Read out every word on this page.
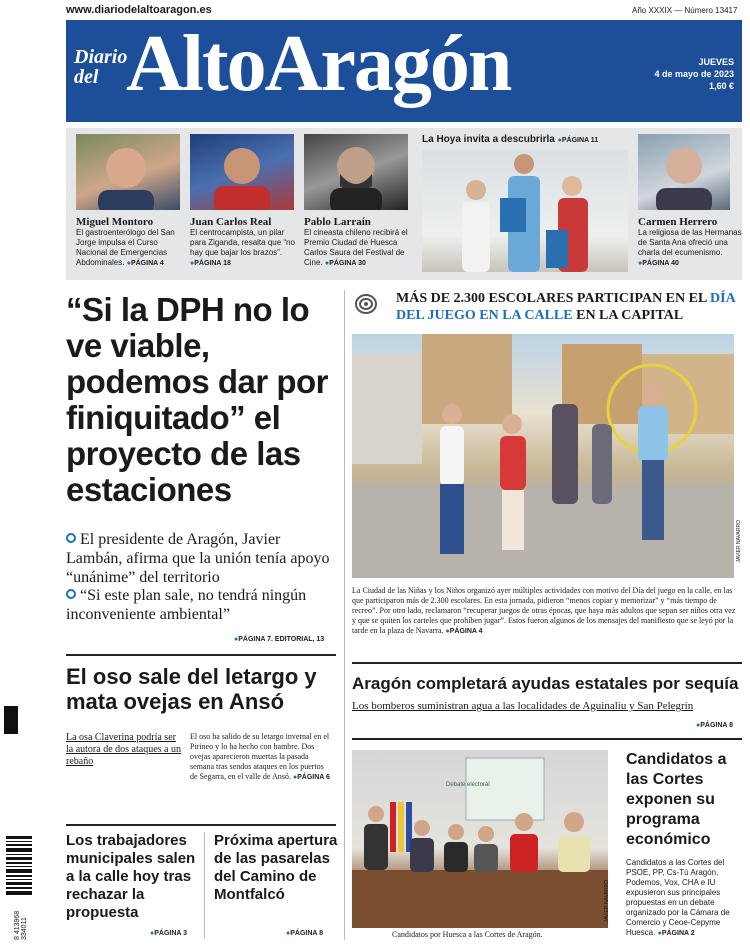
www.diariodelaltoaragon.es	Año XXXIX — Número 13417
Diario
del AltoAragón	JUEVES
4 de mayo de 2023
1,60 €
Miguel Montoro
El gastroenterólogo del San Jorge impulsa el Curso Nacional de Emergencias Abdominales. ● PÁGINA 4
Juan Carlos Real
El centrocampista, un pilar para Ziganda, resalta que “no hay que bajar los brazos”. ● PÁGINA 18
Pablo Larraín
El cineasta chileno recibirá el Premio Ciudad de Huesca Carlos Saura del Festival de Cine. ● PÁGINA 30
La Hoya invita a descubrirla ● PÁGINA 11
Carmen Herrero
La religiosa de las Hermanas de Santa Ana ofreció una charla del ecumenismo. ● PÁGINA 40
“Si la DPH no lo ve viable, podemos dar por finiquitado” el proyecto de las estaciones
El presidente de Aragón, Javier Lambán, afirma que la unión tenía apoyo “unánime” del territorio
“Si este plan sale, no tendrá ningún inconveniente ambiental”
● PÁGINA 7. EDITORIAL, 13
MÁS DE 2.300 ESCOLARES PARTICIPAN EN EL DÍA DEL JUEGO EN LA CALLE EN LA CAPITAL
JAVIER NAVARRO
La Ciudad de las Niñas y los Niños organizó ayer múltiples actividades con motivo del Día del juego en la calle, en las que participaron más de 2.300 escolares. En esta jornada, pidieron “menos copiar y memorizar” y “más tiempo de recreo”. Por otro lado, reclamaron “recuperar juegos de otras épocas, que haya más adultos que sepan ser niños otra vez y que se quiten los carteles que prohíben jugar”. Estos fueron algunos de los mensajes del manifiesto que se leyó por la tarde en la plaza de Navarra. ● PÁGINA 4
El oso sale del letargo y mata ovejas en Ansó
La osa Claverina podría ser la autora de dos ataques a un rebaño
El oso ha salido de su letargo invernal en el Pirineo y lo ha hecho con hambre. Dos ovejas aparecieron muertas la pasada semana tras sendos ataques en los puertos de Segarra, en el valle de Ansó. ● PÁGINA 6
Aragón completará ayudas estatales por sequía
Los bomberos suministran agua a las localidades de Aguinaliu y San Pelegrín
● PÁGINA 8
Los trabajadores municipales salen a la calle hoy tras rechazar la propuesta
● PÁGINA 3
Próxima apertura de las pasarelas del Camino de Montfalcó
● PÁGINA 8
Debate electoral
JAVIER NAVARRO
Candidatos por Huesca a las Cortes de Aragón.
Candidatos a las Cortes exponen su programa económico
Candidatos a las Cortes del PSOE, PP, Cs-Tú Aragón, Podemos, Vox, CHA e IU expusieron sus principales propuestas en un debate organizado por la Cámara de Comercio y Ceoe-Cepyme Huesca. ● PÁGINA 2
8 413968 334011
